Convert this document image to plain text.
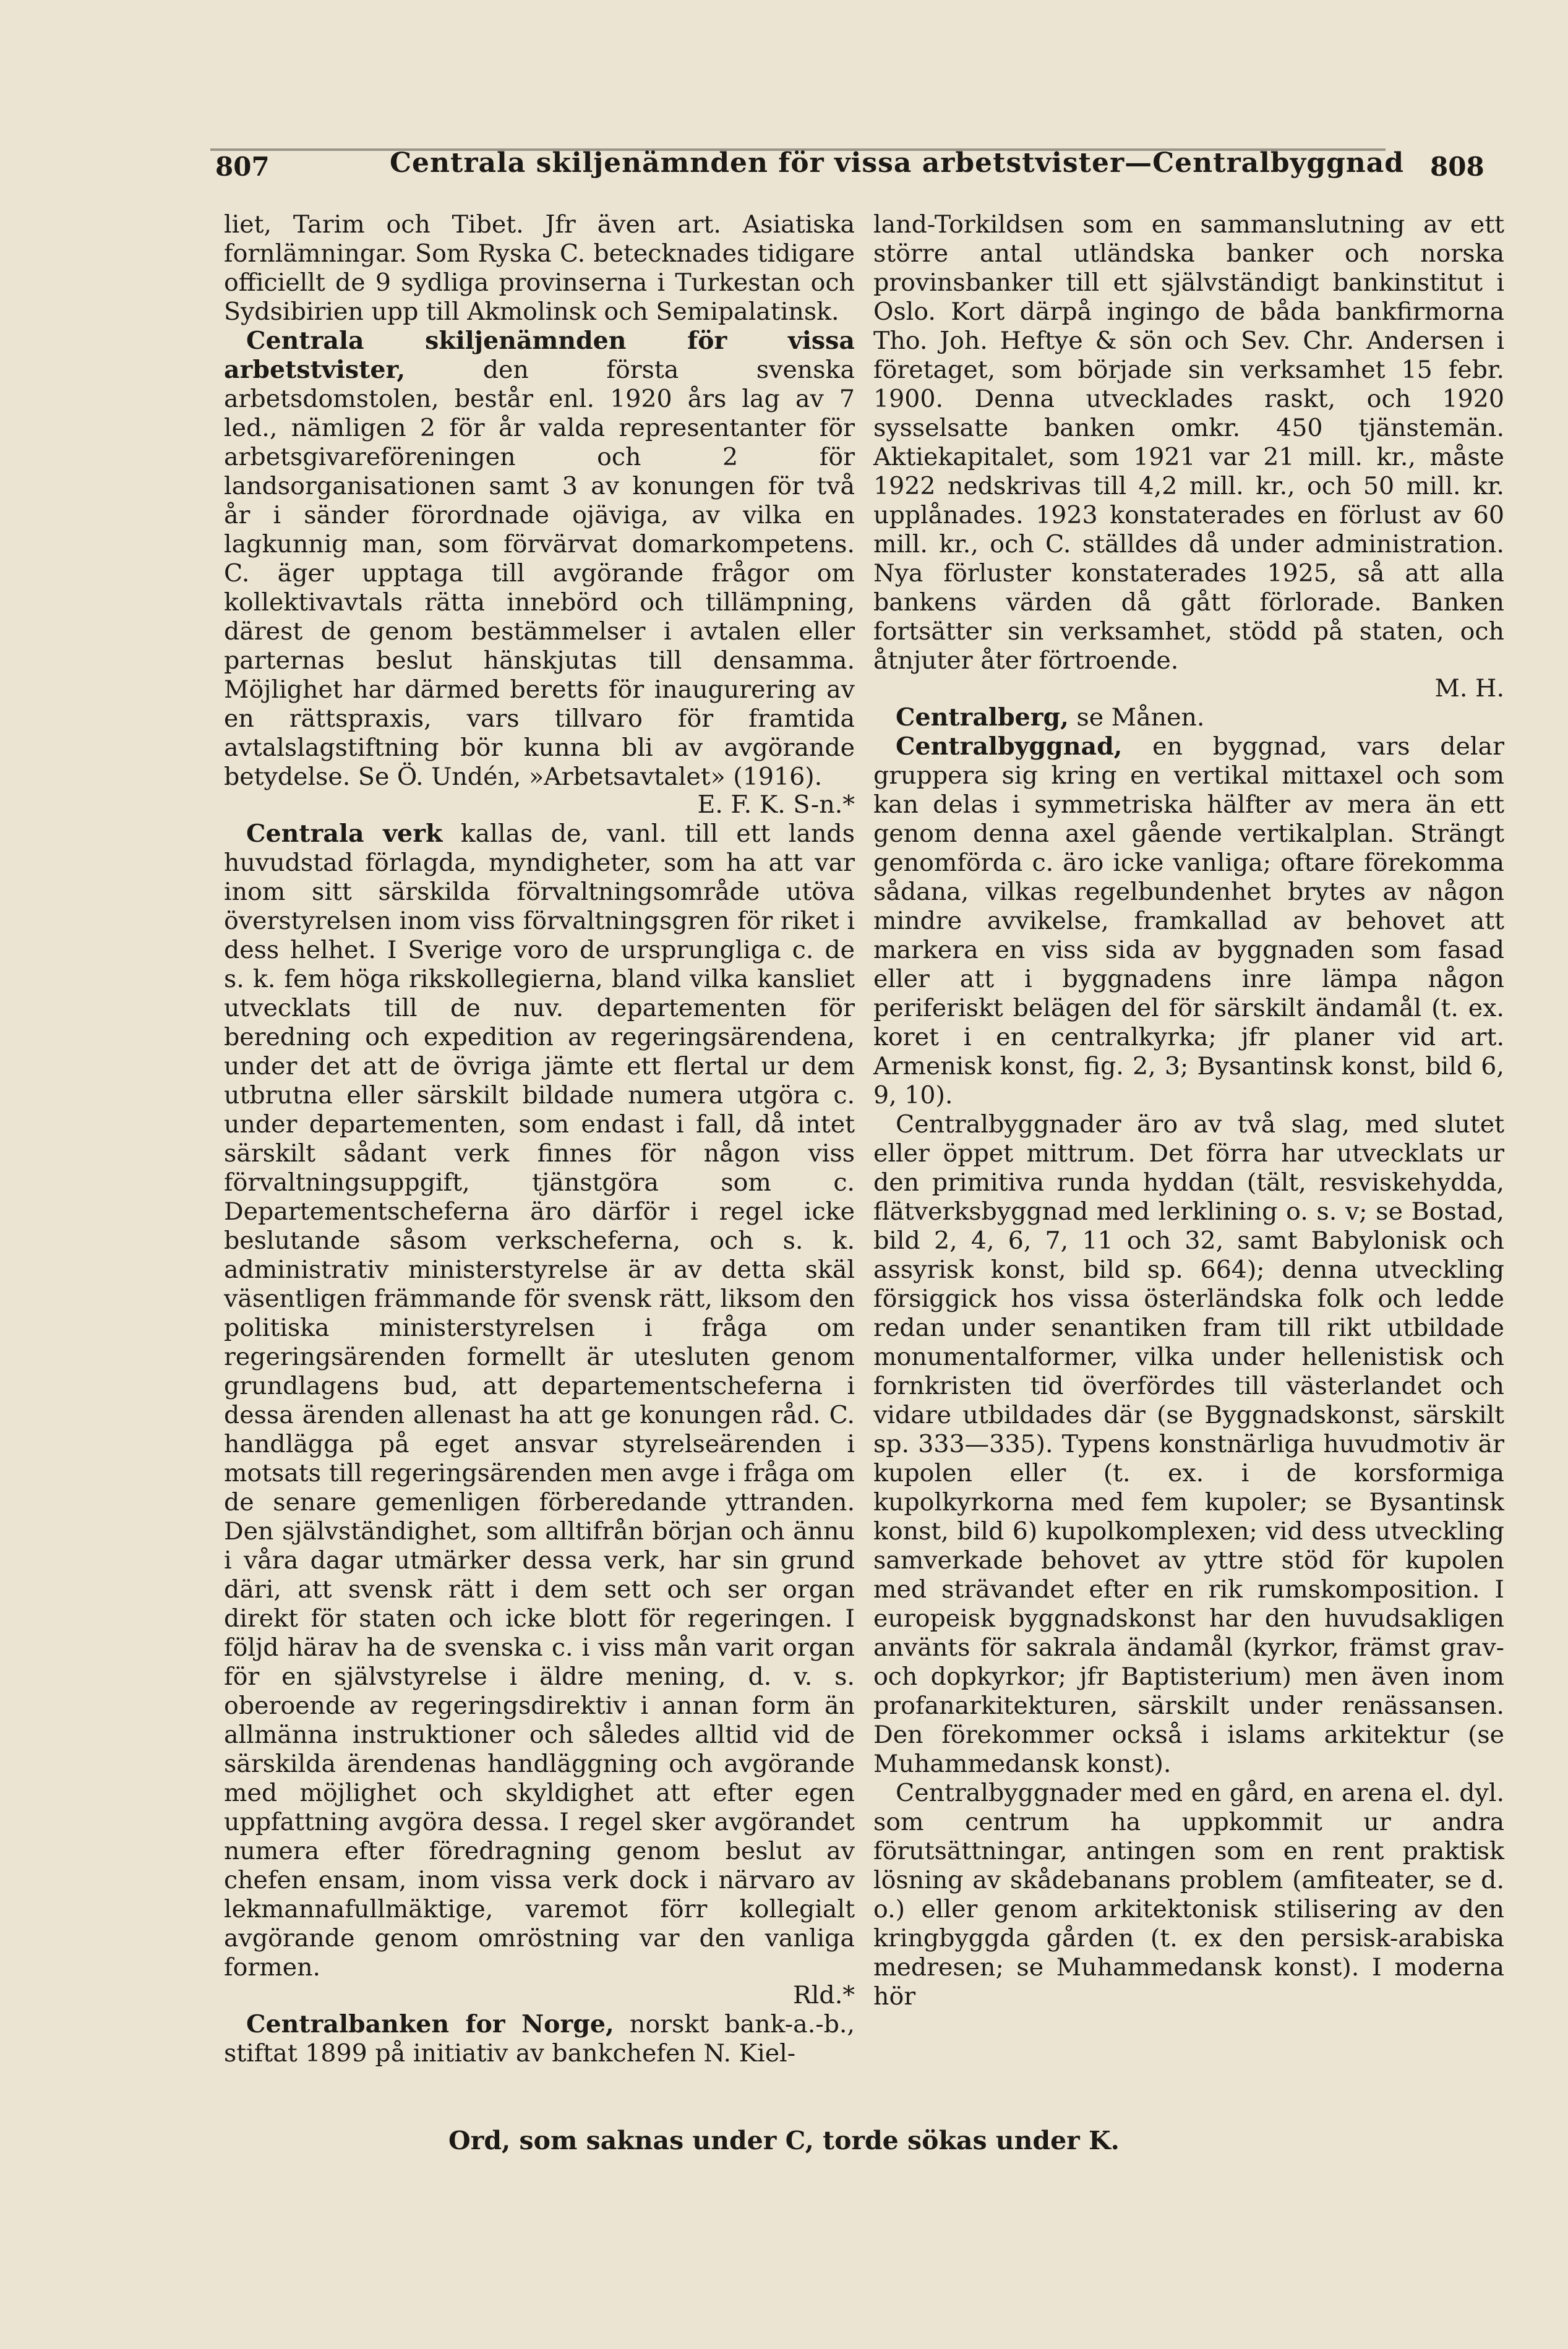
807	Centrala skiljenämnden för vissa arbetstvister—Centralbyggnad 808

liet, Tarim och Tibet. Jfr även art. Asiatiska fornlämningar. Som Ryska C. betecknades tidigare officiellt de 9 sydliga provinserna i Turkestan och Sydsibirien upp till Akmolinsk och Semipalatinsk.

Centrala skiljenämnden för vissa arbetstvister, den första svenska arbetsdomstolen, består enl. 1920 års lag av 7 led., nämligen 2 för år valda representanter för arbetsgivareföreningen och 2 för landsorganisationen samt 3 av konungen för två år i sänder förordnade ojäviga, av vilka en lagkunnig man, som förvärvat domarkompetens. C. äger upptaga till avgörande frågor om kollektivavtals rätta innebörd och tillämpning, därest de genom bestämmelser i avtalen eller parternas beslut hänskjutas till densamma. Möjlighet har därmed beretts för inaugurering av en rättspraxis, vars tillvaro för framtida avtalslagstiftning bör kunna bli av avgörande betydelse. Se Ö. Undén, »Arbetsavtalet» (1916).

E. F. K. S-n.*

Centrala verk kallas de, vanl. till ett lands huvudstad förlagda, myndigheter, som ha att var inom sitt särskilda förvaltningsområde utöva överstyrelsen inom viss förvaltningsgren för riket i dess helhet. I Sverige voro de ursprungliga c. de s. k. fem höga rikskollegierna, bland vilka kansliet utvecklats till de nuv. departementen för beredning och expedition av regeringsärendena, under det att de övriga jämte ett flertal ur dem utbrutna eller särskilt bildade numera utgöra c. under departementen, som endast i fall, då intet särskilt sådant verk finnes för någon viss förvaltningsuppgift, tjänstgöra som c. Departementscheferna äro därför i regel icke beslutande såsom verkscheferna, och s. k. administrativ ministerstyrelse är av detta skäl väsentligen främmande för svensk rätt, liksom den politiska ministerstyrelsen i fråga om regeringsärenden formellt är utesluten genom grundlagens bud, att departementscheferna i dessa ärenden allenast ha att ge konungen råd. C. handlägga på eget ansvar styrelseärenden i motsats till regeringsärenden men avge i fråga om de senare gemenligen förberedande yttranden. Den självständighet, som alltifrån början och ännu i våra dagar utmärker dessa verk, har sin grund däri, att svensk rätt i dem sett och ser organ direkt för staten och icke blott för regeringen. I följd härav ha de svenska c. i viss mån varit organ för en självstyrelse i äldre mening, d. v. s. oberoende av regeringsdirektiv i annan form än allmänna instruktioner och således alltid vid de särskilda ärendenas handläggning och avgörande med möjlighet och skyldighet att efter egen uppfattning avgöra dessa. I regel sker avgörandet numera efter föredragning genom beslut av chefen ensam, inom vissa verk dock i närvaro av lekmannafullmäktige, varemot förr kollegialt avgörande genom omröstning var den vanliga formen.

Rld.*

Centralbanken for Norge, norskt bank-a.-b., stiftat 1899 på initiativ av bankchefen N. Kiel-

land-Torkildsen som en sammanslutning av ett större antal utländska banker och norska provinsbanker till ett självständigt bankinstitut i Oslo. Kort därpå ingingo de båda bankfirmorna Tho. Joh. Heftye & sön och Sev. Chr. Andersen i företaget, som började sin verksamhet 15 febr. 1900. Denna utvecklades raskt, och 1920 sysselsatte banken omkr. 450 tjänstemän. Aktiekapitalet, som 1921 var 21 mill. kr., måste 1922 nedskrivas till 4,2 mill. kr., och 50 mill. kr. upplånades. 1923 konstaterades en förlust av 60 mill. kr., och C. ställdes då under administration. Nya förluster konstaterades 1925, så att alla bankens värden då gått förlorade. Banken fortsätter sin verksamhet, stödd på staten, och åtnjuter åter förtroende.

M. H.

Centralberg, se Månen.

Centralbyggnad, en byggnad, vars delar gruppera sig kring en vertikal mittaxel och som kan delas i symmetriska hälfter av mera än ett genom denna axel gående vertikalplan. Strängt genomförda c. äro icke vanliga; oftare förekomma sådana, vilkas regelbundenhet brytes av någon mindre avvikelse, framkallad av behovet att markera en viss sida av byggnaden som fasad eller att i byggnadens inre lämpa någon periferiskt belägen del för särskilt ändamål (t. ex. koret i en centralkyrka; jfr planer vid art. Armenisk konst, fig. 2, 3; Bysantinsk konst, bild 6, 9, 10).

Centralbyggnader äro av två slag, med slutet eller öppet mittrum. Det förra har utvecklats ur den primitiva runda hyddan (tält, resviskehydda, flätverksbyggnad med lerklining o. s. v; se Bostad, bild 2, 4, 6, 7, 11 och 32, samt Babylonisk och assyrisk konst, bild sp. 664); denna utveckling försiggick hos vissa österländska folk och ledde redan under senantiken fram till rikt utbildade monumentalformer, vilka under hellenistisk och fornkristen tid överfördes till västerlandet och vidare utbildades där (se Byggnadskonst, särskilt sp. 333—335). Typens konstnärliga huvudmotiv är kupolen eller (t. ex. i de korsformiga kupolkyrkorna med fem kupoler; se Bysantinsk konst, bild 6) kupolkomplexen; vid dess utveckling samverkade behovet av yttre stöd för kupolen med strävandet efter en rik rumskomposition. I europeisk byggnadskonst har den huvudsakligen använts för sakrala ändamål (kyrkor, främst grav- och dopkyrkor; jfr Baptisterium) men även inom profanarkitekturen, särskilt under renässansen. Den förekommer också i islams arkitektur (se Muhammedansk konst).

Centralbyggnader med en gård, en arena el. dyl. som centrum ha uppkommit ur andra förutsättningar, antingen som en rent praktisk lösning av skådebanans problem (amfiteater, se d. o.) eller genom arkitektonisk stilisering av den kringbyggda gården (t. ex den persisk-arabiska medresen; se Muhammedansk konst). I moderna hör

Ord, som saknas under C, torde sökas under K.
